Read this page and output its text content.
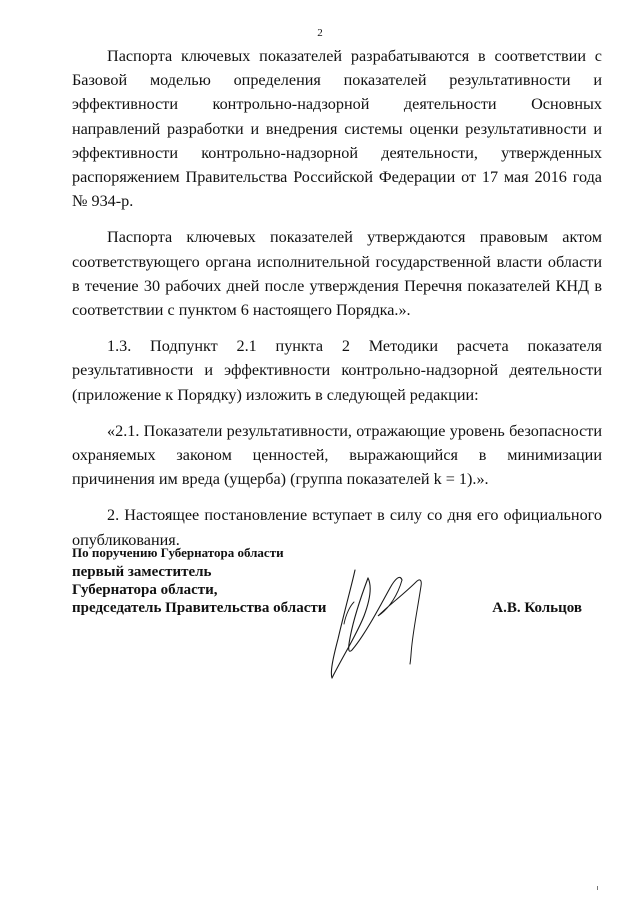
2

Паспорта ключевых показателей разрабатываются в соответствии с Базовой моделью определения показателей результативности и эффективности контрольно-надзорной деятельности Основных направлений разработки и внедрения системы оценки результативности и эффективности контрольно-надзорной деятельности, утвержденных распоряжением Правительства Российской Федерации от 17 мая 2016 года № 934-р.

Паспорта ключевых показателей утверждаются правовым актом соответствующего органа исполнительной государственной власти области в течение 30 рабочих дней после утверждения Перечня показателей КНД в соответствии с пунктом 6 настоящего Порядка.».

1.3. Подпункт 2.1 пункта 2 Методики расчета показателя результативности и эффективности контрольно-надзорной деятельности (приложение к Порядку) изложить в следующей редакции:

«2.1. Показатели результативности, отражающие уровень безопасности охраняемых законом ценностей, выражающийся в минимизации причинения им вреда (ущерба) (группа показателей k = 1).».

2. Настоящее постановление вступает в силу со дня его официального опубликования.

По поручению Губернатора области
первый заместитель
Губернатора области,
председатель Правительства области	А.В. Кольцов
